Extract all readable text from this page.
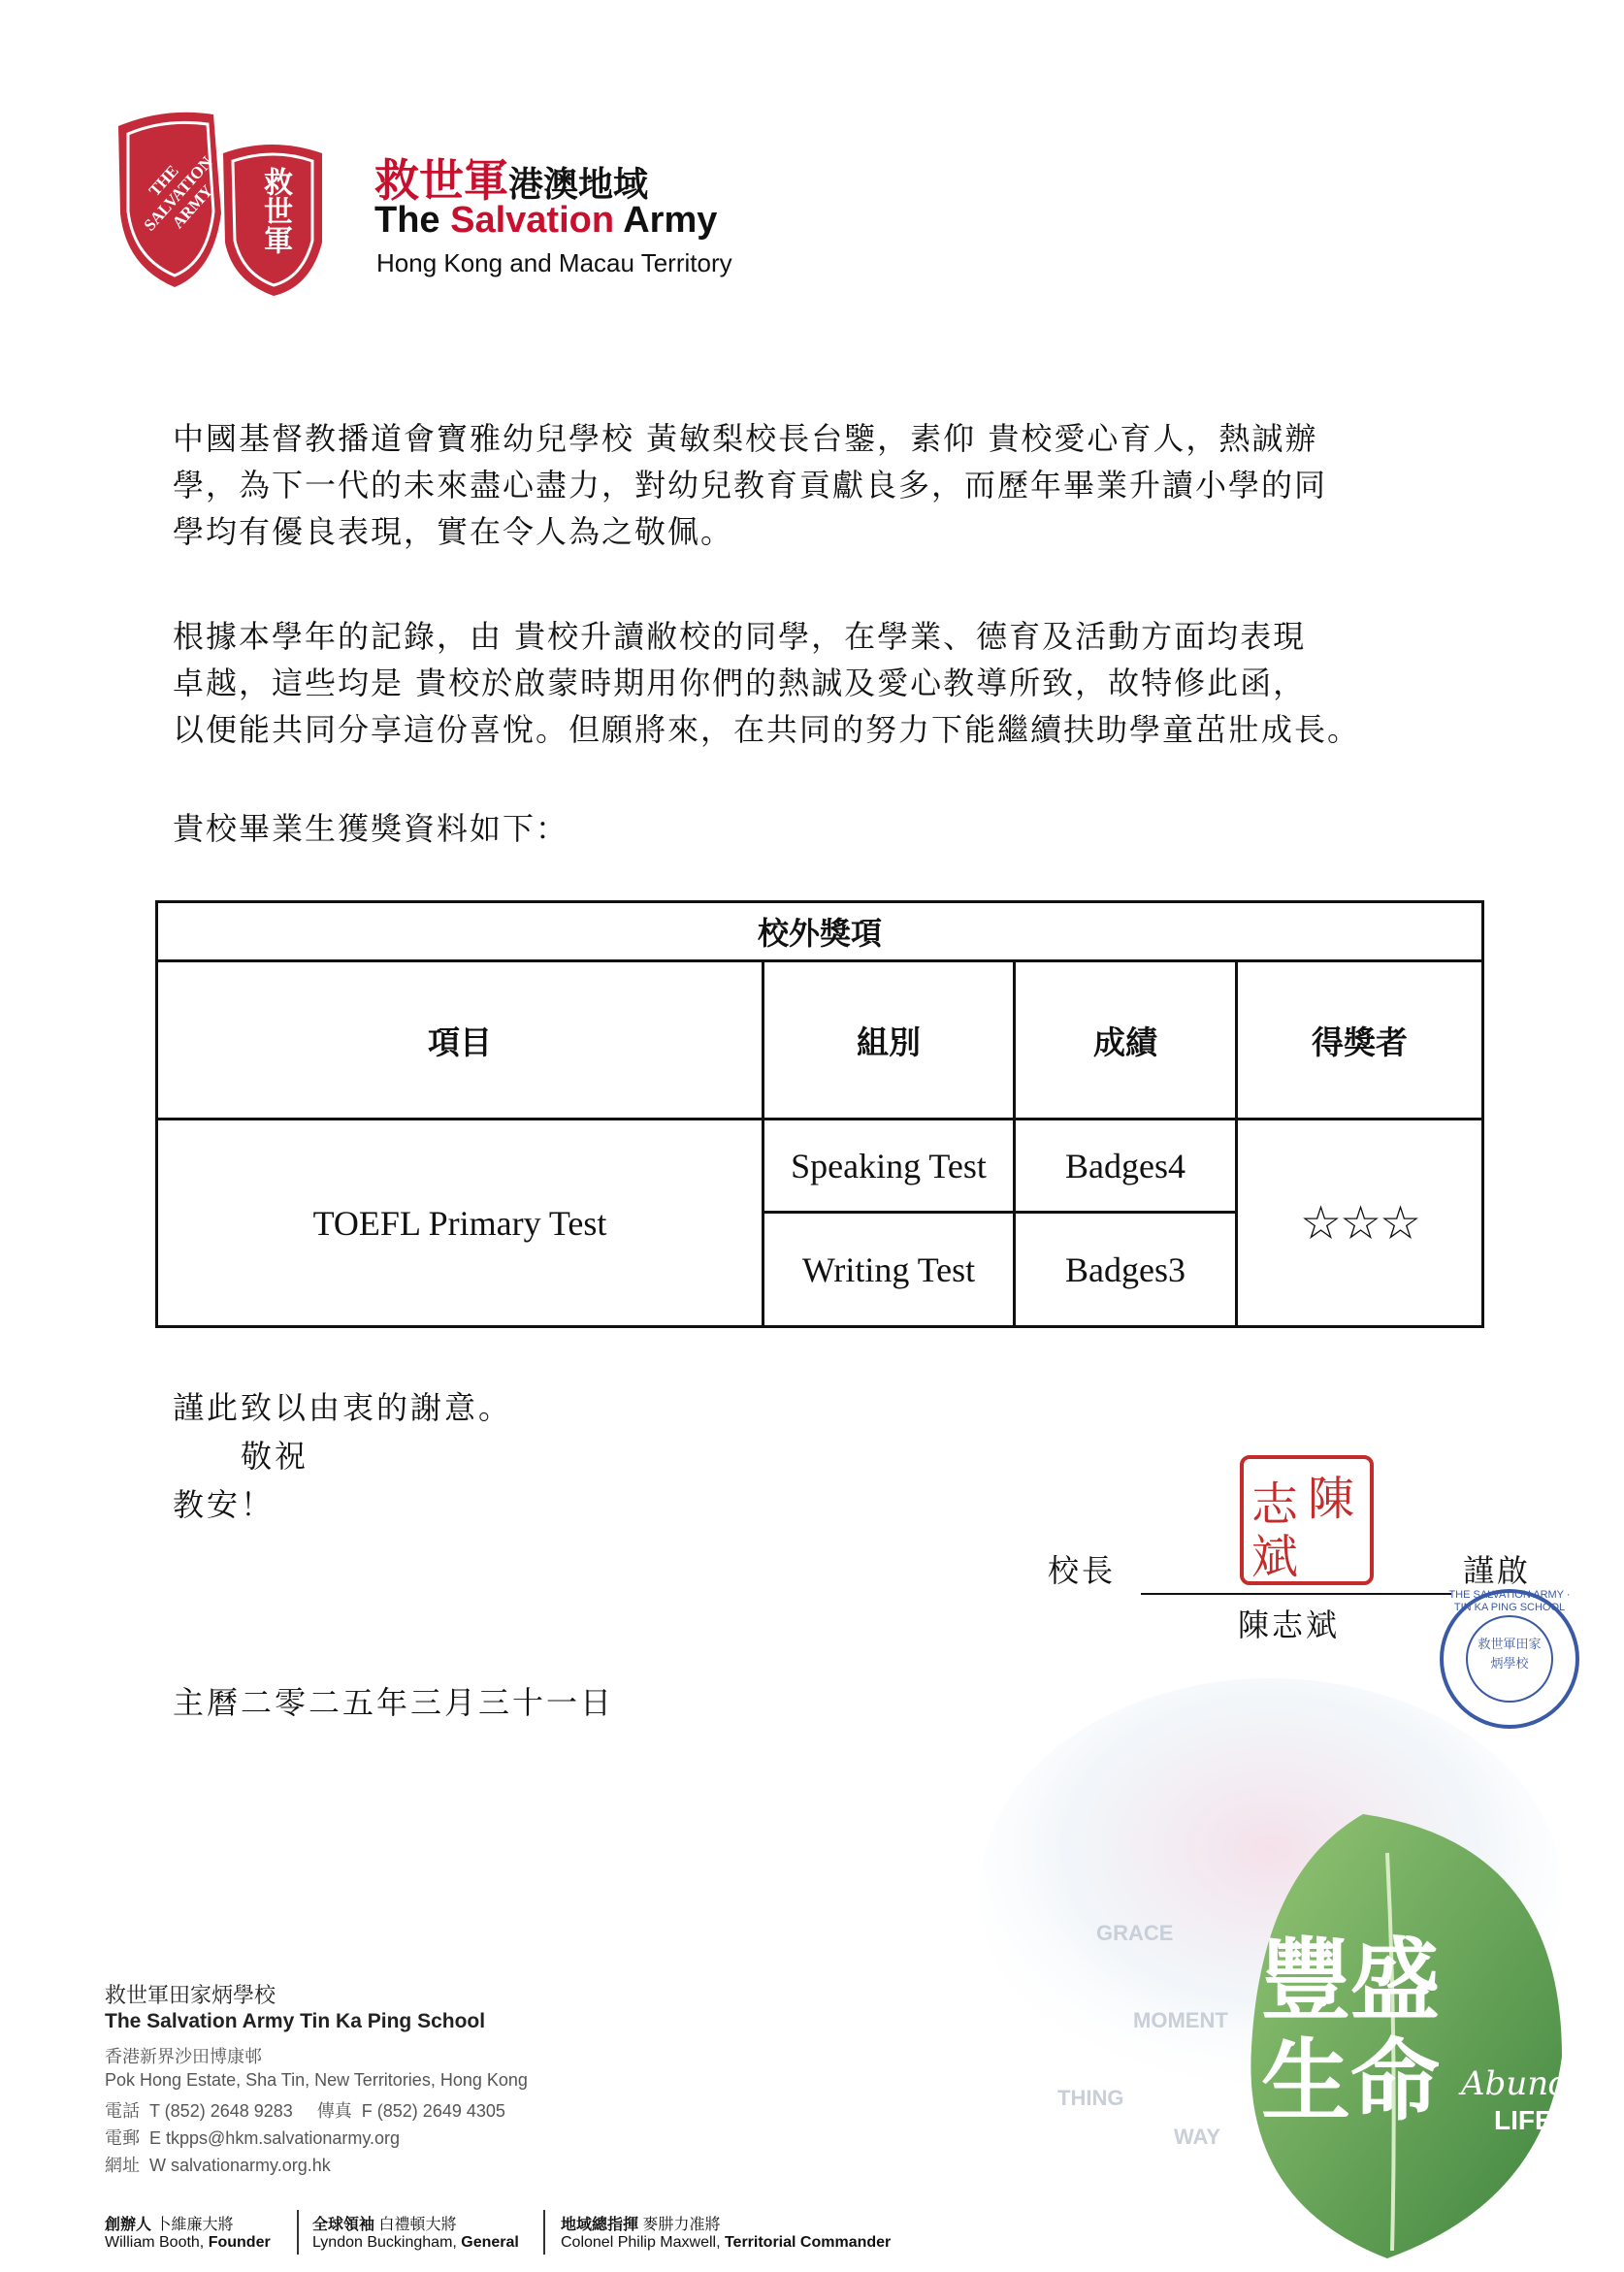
THE SALVATION ARMY	救世軍 救世軍港澳地域
The Salvation Army
Hong Kong and Macau Territory
中國基督教播道會寶雅幼兒學校 黃敏梨校長台鑒，素仰 貴校愛心育人，熱誠辦
學，為下一代的未來盡心盡力，對幼兒教育貢獻良多，而歷年畢業升讀小學的同
學均有優良表現，實在令人為之敬佩。
根據本學年的記錄，由 貴校升讀敝校的同學，在學業、德育及活動方面均表現
卓越，這些均是 貴校於啟蒙時期用你們的熱誠及愛心教導所致，故特修此函，
以便能共同分享這份喜悅。但願將來，在共同的努力下能繼續扶助學童茁壯成長。
貴校畢業生獲獎資料如下：
校外獎項			
項目	組別	成績	得獎者
TOEFL Primary Test	Speaking Test	Badges4	☆☆☆
	Writing Test	Badges3	
謹此致以由衷的謝意。
敬祝
教安！	陳
志
斌
校長	謹啟
陳志斌
THE SALVATION ARMY · TIN KA PING SCHOOL
救世軍田家炳學校
主曆二零二五年三月三十一日
豐盛生命 Abundant
LIFE
GRACE
MOMENT
THING
WAY
救世軍田家炳學校
The Salvation Army Tin Ka Ping School
香港新界沙田博康邨
Pok Hong Estate, Sha Tin, New Territories, Hong Kong
電話  T (852) 2648 9283     傳真  F (852) 2649 4305
電郵  E tkpps@hkm.salvationarmy.org
網址  W salvationarmy.org.hk
創辦人 卜維廉大將
William Booth, Founder
全球領袖 白禮頓大將
Lyndon Buckingham, General
地域總指揮 麥肼力准將
Colonel Philip Maxwell, Territorial Commander
